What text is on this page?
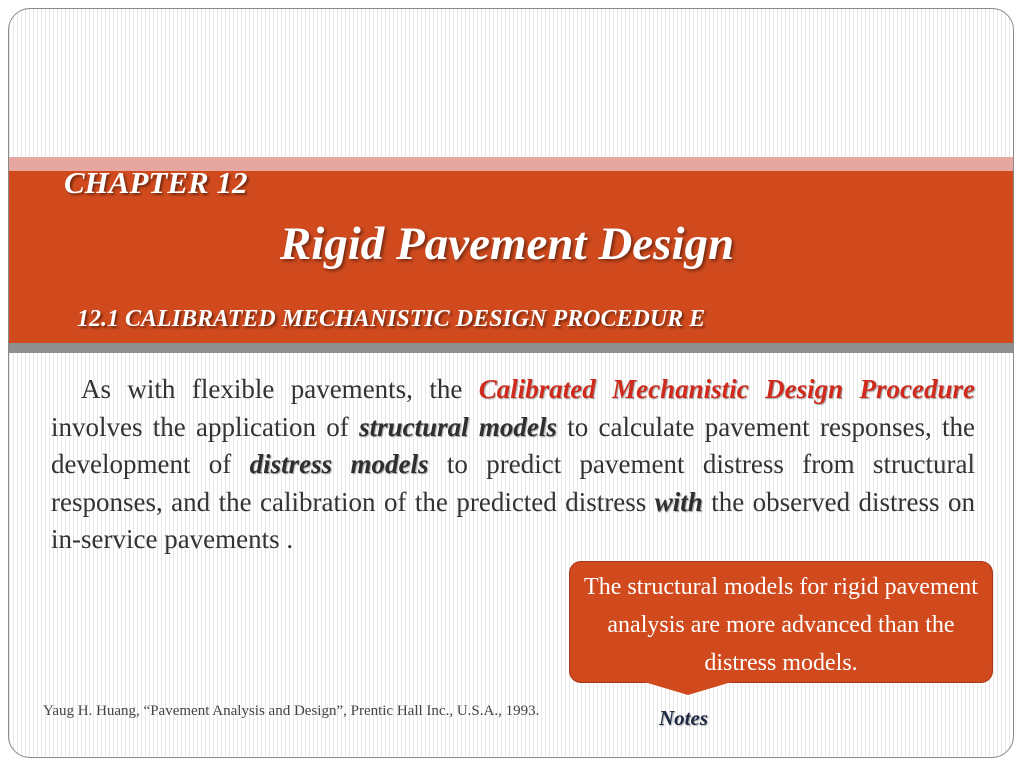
CHAPTER 12
Rigid Pavement Design
12.1 CALIBRATED MECHANISTIC DESIGN PROCEDUR E

As with flexible pavements, the Calibrated Mechanistic Design Procedure involves the application of structural models to calculate pavement responses, the development of distress models to predict pavement distress from structural responses, and the calibration of the predicted distress with the observed distress on in-service pavements .

The structural models for rigid pavement analysis are more advanced than the distress models.

Notes

Yaug H. Huang, “Pavement Analysis and Design”, Prentic Hall Inc., U.S.A., 1993.
